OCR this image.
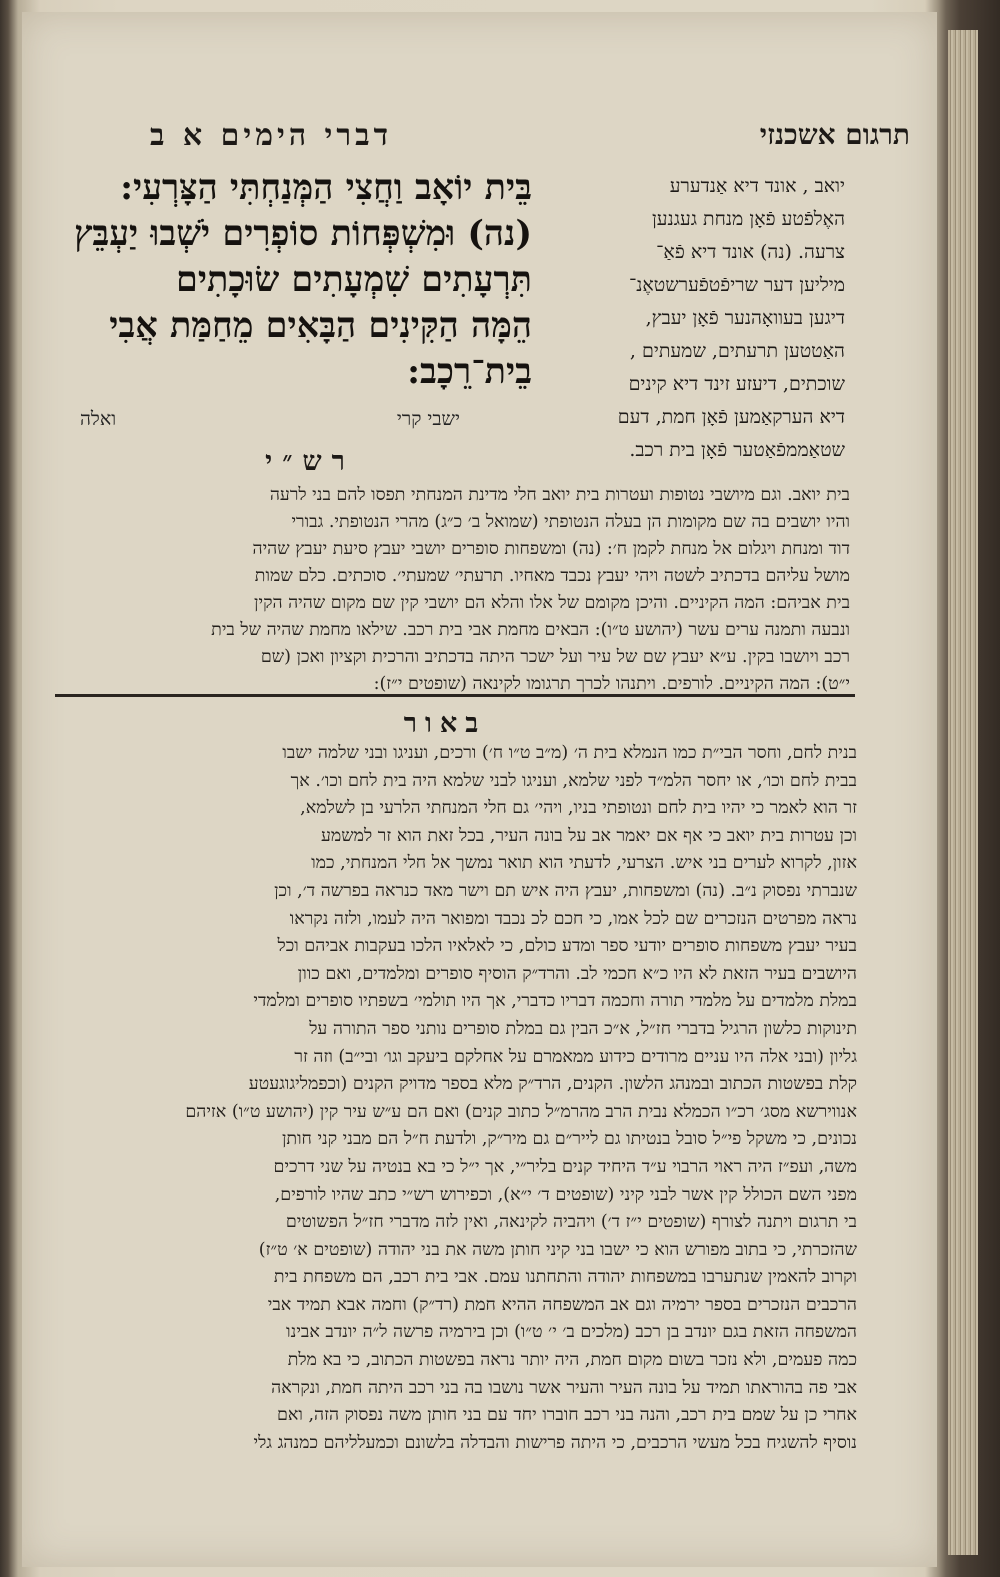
דברי הימים א ב	תרגום אשכנזי
בֵּית יוֹאָב וַחֲצִי הַמְּנַחְתִּי הַצָּרְעִי:
(נה) וּמִשְׁפְּחוֹת סוֹפְרִים יֹשְׁבוּ יַעְבֵּץ
תִּרְעָתִים שִׁמְעָתִים שׂוּכָתִים
הֵמָּה הַקִּינִים הַבָּאִים מֵחַמַּת אֲבִי
בֵית־רֵכָב:
יואב , אונד דיא אַנדערע
האֶלפֿטע פֿאָן מנחת געגנען
צרעה. (נה) אונד דיא פֿאַ־
מיליען דער שריפֿטפֿערשטאֶנ־
דיגען בעוואָהנער פֿאָן יעבץ,
האַטטען תרעתים, שמעתים ,
שוכתים, דיעזע זינד דיא קינים
דיא הערקאַמען פֿאָן חמת, דעם
שטאַממפֿאַטער פֿאָן בית רכב.
ואלה	ישבי קרי
רש״י
בית יואב. וגם מיושבי נטופות ועטרות בית יואב חלי מדינת המנחתי תפסו להם בני לרעה
והיו יושבים בה שם מקומות הן בעלה הנטופתי (שמואל ב׳ כ״ג) מהרי הנטופתי. גבורי
דוד ומנחת ויגלום אל מנחת לקמן ח׳: (נה) ומשפחות סופרים יושבי יעבץ סיעת יעבץ שהיה
מושל עליהם בדכתיב לשטה ויהי יעבץ נכבד מאחיו. תרעתי׳ שמעתי׳. סוכתים. כלם שמות
בית אביהם: המה הקיניים. והיכן מקומם של אלו והלא הם יושבי קין שם מקום שהיה הקין
ונבעה ותמנה ערים עשר (יהושע ט״ו): הבאים מחמת אבי בית רכב. שילאו מחמת שהיה של בית
רכב ויושבו בקין. ע״א יעבץ שם של עיר ועל ישכר היתה בדכתיב והרכית וקציון ואכן (שם
י״ט): המה הקיניים. לורפים. ויתנהו לכרך תרגומו לקינאה (שופטים י״ז):
באור
בנית לחם, וחסר הבי״ת כמו הנמלא בית ה׳ (מ״ב ט״ו ח׳) ורכים, ועניגו ובני שלמה ישבו
בבית לחם וכו׳, או יחסר הלמ״ד לפני שלמא, ועניגו לבני שלמא היה בית לחם וכו׳. אך
זר הוא לאמר כי יהיו בית לחם ונטופתי בניו, ויהי׳ גם חלי המנחתי הלרעי בן לשלמא,
וכן עטרות בית יואב כי אף אם יאמר אב על בונה העיר, בכל זאת הוא זר למשמע
אזון, לקרוא לערים בני איש. הצרעי, לדעתי הוא תואר נמשך אל חלי המנחתי, כמו
שנברתי נפסוק נ״ב. (נה) ומשפחות, יעבץ היה איש תם וישר מאד כנראה בפרשה ד׳, וכן
נראה מפרטים הנזכרים שם לכל אמו, כי חכם לכ נכבד ומפואר היה לעמו, ולזה נקראו
בעיר יעבץ משפחות סופרים יודעי ספר ומדע כולם, כי לאלאיו הלכו בעקבות אביהם וכל
היושבים בעיר הזאת לא היו כ״א חכמי לב. והרד״ק הוסיף סופרים ומלמדים, ואם כוון
במלת מלמדים על מלמדי תורה וחכמה דבריו כדברי, אך היו תולמי׳ בשפתיו סופרים ומלמדי
תינוקות כלשון הרגיל בדברי חז״ל, א״כ הבין גם במלת סופרים נותני ספר התורה על
גליון (ובני אלה היו עניים מרודים כידוע ממאמרם על אחלקם ביעקב וגו׳ ובי״ב) וזה זר
קלת בפשטות הכתוב ובמנהג הלשון. הקנים, הרד״ק מלא בספר מדויק הקנים (וכפמליגוגעטע
אנווירשא מסג׳ רכ״ו הכמלא נבית הרב מהרמ״ל כתוב קנים) ואם הם ע״ש עיר קין (יהושע ט״ו) אזיהם
נכונים, כי משקל פי״ל סובל בנטיתו גם לייר״ם גם מיר״ק, ולדעת ח״ל הם מבני קני חותן
משה, ועפ״ז היה ראוי הרבוי ע״ד היחיד קנים בליר״י, אך י״ל כי בא בנטיה על שני דרכים
מפני השם הכולל קין אשר לבני קיני (שופטים ד׳ י״א), וכפירוש רש״י כתב שהיו לורפים,
בי תרגום ויתנה לצורף (שופטים י״ז ד׳) ויהביה לקינאה, ואין לזה מדברי חז״ל הפשוטים
שהזכרתי, כי בתוב מפורש הוא כי ישבו בני קיני חותן משה את בני יהודה (שופטים א׳ ט״ז)
וקרוב להאמין שנתערבו במשפחות יהודה והתחתנו עמם. אבי בית רכב, הם משפחת בית
הרכבים הנזכרים בספר ירמיה וגם אב המשפחה ההיא חמת (רד״ק) וחמה אבא תמיד אבי
המשפחה הזאת בגם יונדב בן רכב (מלכים ב׳ י׳ ט״ו) וכן בירמיה פרשה ל״ה יונדב אבינו
כמה פעמים, ולא נזכר בשום מקום חמת, היה יותר נראה בפשטות הכתוב, כי בא מלת
אבי פה בהוראתו תמיד על בונה העיר והעיר אשר נושבו בה בני רכב היתה חמת, ונקראה
אחרי כן על שמם בית רכב, והנה בני רכב חוברו יחד עם בני חותן משה נפסוק הזה, ואם
נוסיף להשגיח בכל מעשי הרכבים, כי היתה פרישות והבדלה בלשונם וכמעלליהם כמנהג גלי
